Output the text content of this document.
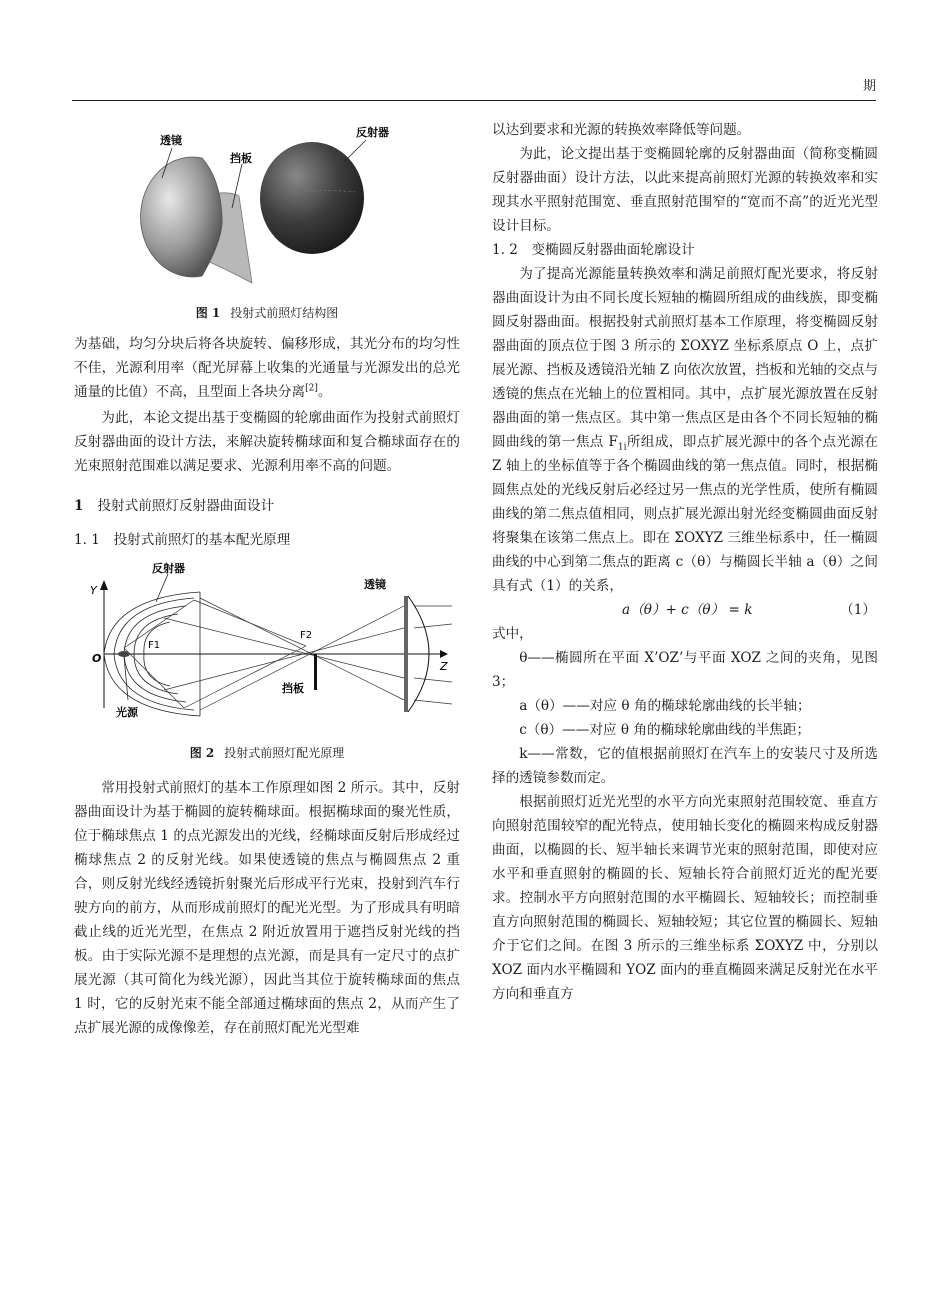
期
透镜
挡板
反射器

图 1 投射式前照灯结构图

为基础，均匀分块后将各块旋转、偏移形成，其光分布的均匀性不佳，光源利用率（配光屏幕上收集的光通量与光源发出的总光通量的比值）不高，且型面上各块分离[2]。

为此，本论文提出基于变椭圆的轮廓曲面作为投射式前照灯反射器曲面的设计方法，来解决旋转椭球面和复合椭球面存在的光束照射范围难以满足要求、光源利用率不高的问题。

1 投射式前照灯反射器曲面设计

1. 1　投射式前照灯的基本配光原理

反射器
透镜
Y
O
Z
F1
F2
挡板
光源

图 2 投射式前照灯配光原理

常用投射式前照灯的基本工作原理如图 2 所示。其中，反射器曲面设计为基于椭圆的旋转椭球面。根据椭球面的聚光性质，位于椭球焦点 1 的点光源发出的光线，经椭球面反射后形成经过椭球焦点 2 的反射光线。如果使透镜的焦点与椭圆焦点 2 重合，则反射光线经透镜折射聚光后形成平行光束，投射到汽车行驶方向的前方，从而形成前照灯的配光光型。为了形成具有明暗截止线的近光光型，在焦点 2 附近放置用于遮挡反射光线的挡板。由于实际光源不是理想的点光源，而是具有一定尺寸的点扩展光源（其可简化为线光源），因此当其位于旋转椭球面的焦点 1 时，它的反射光束不能全部通过椭球面的焦点 2，从而产生了点扩展光源的成像像差，存在前照灯配光光型难

以达到要求和光源的转换效率降低等问题。

为此，论文提出基于变椭圆轮廓的反射器曲面（简称变椭圆反射器曲面）设计方法，以此来提高前照灯光源的转换效率和实现其水平照射范围宽、垂直照射范围窄的“宽而不高”的近光光型设计目标。

1. 2　变椭圆反射器曲面轮廓设计

为了提高光源能量转换效率和满足前照灯配光要求，将反射器曲面设计为由不同长度长短轴的椭圆所组成的曲线族，即变椭圆反射器曲面。根据投射式前照灯基本工作原理，将变椭圆反射器曲面的顶点位于图 3 所示的 ΣOXYZ 坐标系原点 O 上，点扩展光源、挡板及透镜沿光轴 Z 向依次放置，挡板和光轴的交点与透镜的焦点在光轴上的位置相同。其中，点扩展光源放置在反射器曲面的第一焦点区。其中第一焦点区是由各个不同长短轴的椭圆曲线的第一焦点 $F_{1i}$所组成，即点扩展光源中的各个点光源在 Z 轴上的坐标值等于各个椭圆曲线的第一焦点值。同时，根据椭圆焦点处的光线反射后必经过另一焦点的光学性质，使所有椭圆曲线的第二焦点值相同，则点扩展光源出射光经变椭圆曲面反射将聚集在该第二焦点上。即在 ΣOXYZ 三维坐标系中，任一椭圆曲线的中心到第二焦点的距离 c（θ）与椭圆长半轴 a（θ）之间具有式（1）的关系，

a（θ）+ c（θ） = k	（1）

式中，

θ——椭圆所在平面 X’OZ’与平面 XOZ 之间的夹角，见图 3；

a（θ）——对应 θ 角的椭球轮廓曲线的长半轴；

c（θ）——对应 θ 角的椭球轮廓曲线的半焦距；

k——常数，它的值根据前照灯在汽车上的安装尺寸及所选择的透镜参数而定。

根据前照灯近光光型的水平方向光束照射范围较宽、垂直方向照射范围较窄的配光特点，使用轴长变化的椭圆来构成反射器曲面，以椭圆的长、短半轴长来调节光束的照射范围，即使对应水平和垂直照射的椭圆的长、短轴长符合前照灯近光的配光要求。控制水平方向照射范围的水平椭圆长、短轴较长；而控制垂直方向照射范围的椭圆长、短轴较短；其它位置的椭圆长、短轴介于它们之间。在图 3 所示的三维坐标系 ΣOXYZ 中，分别以 XOZ 面内水平椭圆和 YOZ 面内的垂直椭圆来满足反射光在水平方向和垂直方
